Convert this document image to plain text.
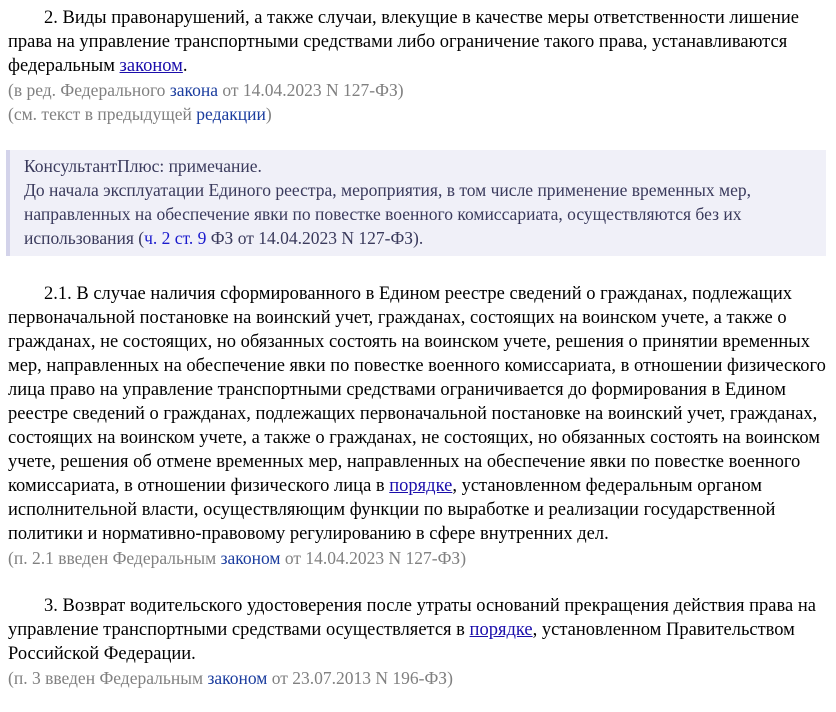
2. Виды правонарушений, а также случаи, влекущие в качестве меры ответственности лишение права на управление транспортными средствами либо ограничение такого права, устанавливаются федеральным законом.

(в ред. Федерального закона от 14.04.2023 N 127-ФЗ)

(см. текст в предыдущей редакции)

КонсультантПлюс: примечание.

До начала эксплуатации Единого реестра, мероприятия, в том числе применение временных мер, направленных на обеспечение явки по повестке военного комиссариата, осуществляются без их использования (ч. 2 ст. 9 ФЗ от 14.04.2023 N 127-ФЗ).

2.1. В случае наличия сформированного в Едином реестре сведений о гражданах, подлежащих первоначальной постановке на воинский учет, гражданах, состоящих на воинском учете, а также о гражданах, не состоящих, но обязанных состоять на воинском учете, решения о принятии временных мер, направленных на обеспечение явки по повестке военного комиссариата, в отношении физического лица право на управление транспортными средствами ограничивается до формирования в Едином реестре сведений о гражданах, подлежащих первоначальной постановке на воинский учет, гражданах, состоящих на воинском учете, а также о гражданах, не состоящих, но обязанных состоять на воинском учете, решения об отмене временных мер, направленных на обеспечение явки по повестке военного комиссариата, в отношении физического лица в порядке, установленном федеральным органом исполнительной власти, осуществляющим функции по выработке и реализации государственной политики и нормативно-правовому регулированию в сфере внутренних дел.

(п. 2.1 введен Федеральным законом от 14.04.2023 N 127-ФЗ)

3. Возврат водительского удостоверения после утраты оснований прекращения действия права на управление транспортными средствами осуществляется в порядке, установленном Правительством Российской Федерации.

(п. 3 введен Федеральным законом от 23.07.2013 N 196-ФЗ)
